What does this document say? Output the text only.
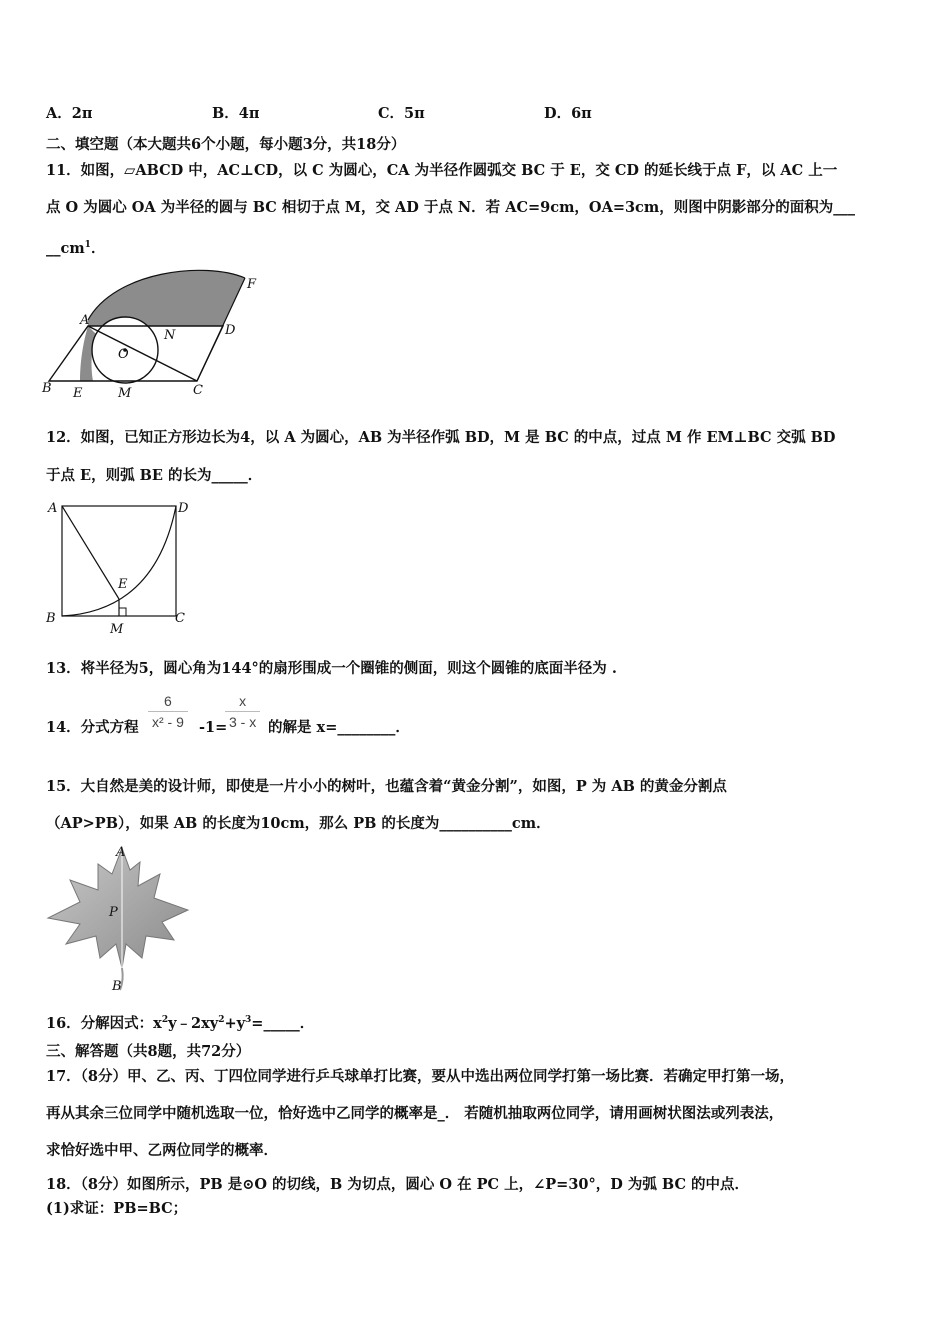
A．2π	B．4π	C．5π	D．6π
二、填空题（本大题共6个小题，每小题3分，共18分）
11．如图，▱ABCD 中，AC⊥CD，以 C 为圆心，CA 为半径作圆弧交 BC 于 E，交 CD 的延长线于点 F，以 AC 上一
点 O 为圆心 OA 为半径的圆与 BC 相切于点 M，交 AD 于点 N．若 AC=9cm，OA=3cm，则图中阴影部分的面积为___
$\_\_cm^1$．
A
B	C
D
E
F
M
N
O
12．如图，已知正方形边长为4，以 A 为圆心，AB 为半径作弧 BD，M 是 BC 的中点，过点 M 作 EM⊥BC 交弧 BD
于点 E，则弧 BE 的长为_____．
A	D
B	C
E
M
13．将半径为5，圆心角为144°的扇形围成一个圈锥的侧面，则这个圆锥的底面半径为 .
14．分式方程
6
x² - 9 -1=
x
3 - x 的解是 x=________．
15．大自然是美的设计师，即使是一片小小的树叶，也蕴含着“黄金分割”，如图，P 为 AB 的黄金分割点
（AP>PB），如果 AB 的长度为10cm，那么 PB 的长度为__________cm．
A
P
B
16．分解因式：$x^2y﹣2xy^2+y^3=\_\_\_\_\_$．
三、解答题（共8题，共72分）
17．（8分）甲、乙、丙、丁四位同学进行乒乓球单打比赛，要从中选出两位同学打第一场比赛．若确定甲打第一场，
再从其余三位同学中随机选取一位，恰好选中乙同学的概率是_． 若随机抽取两位同学，请用画树状图法或列表法，
求恰好选中甲、乙两位同学的概率．
18．（8分）如图所示，PB 是⊙O 的切线，B 为切点，圆心 O 在 PC 上，∠P=30°，D 为弧 BC 的中点．
(1)求证：PB=BC；
